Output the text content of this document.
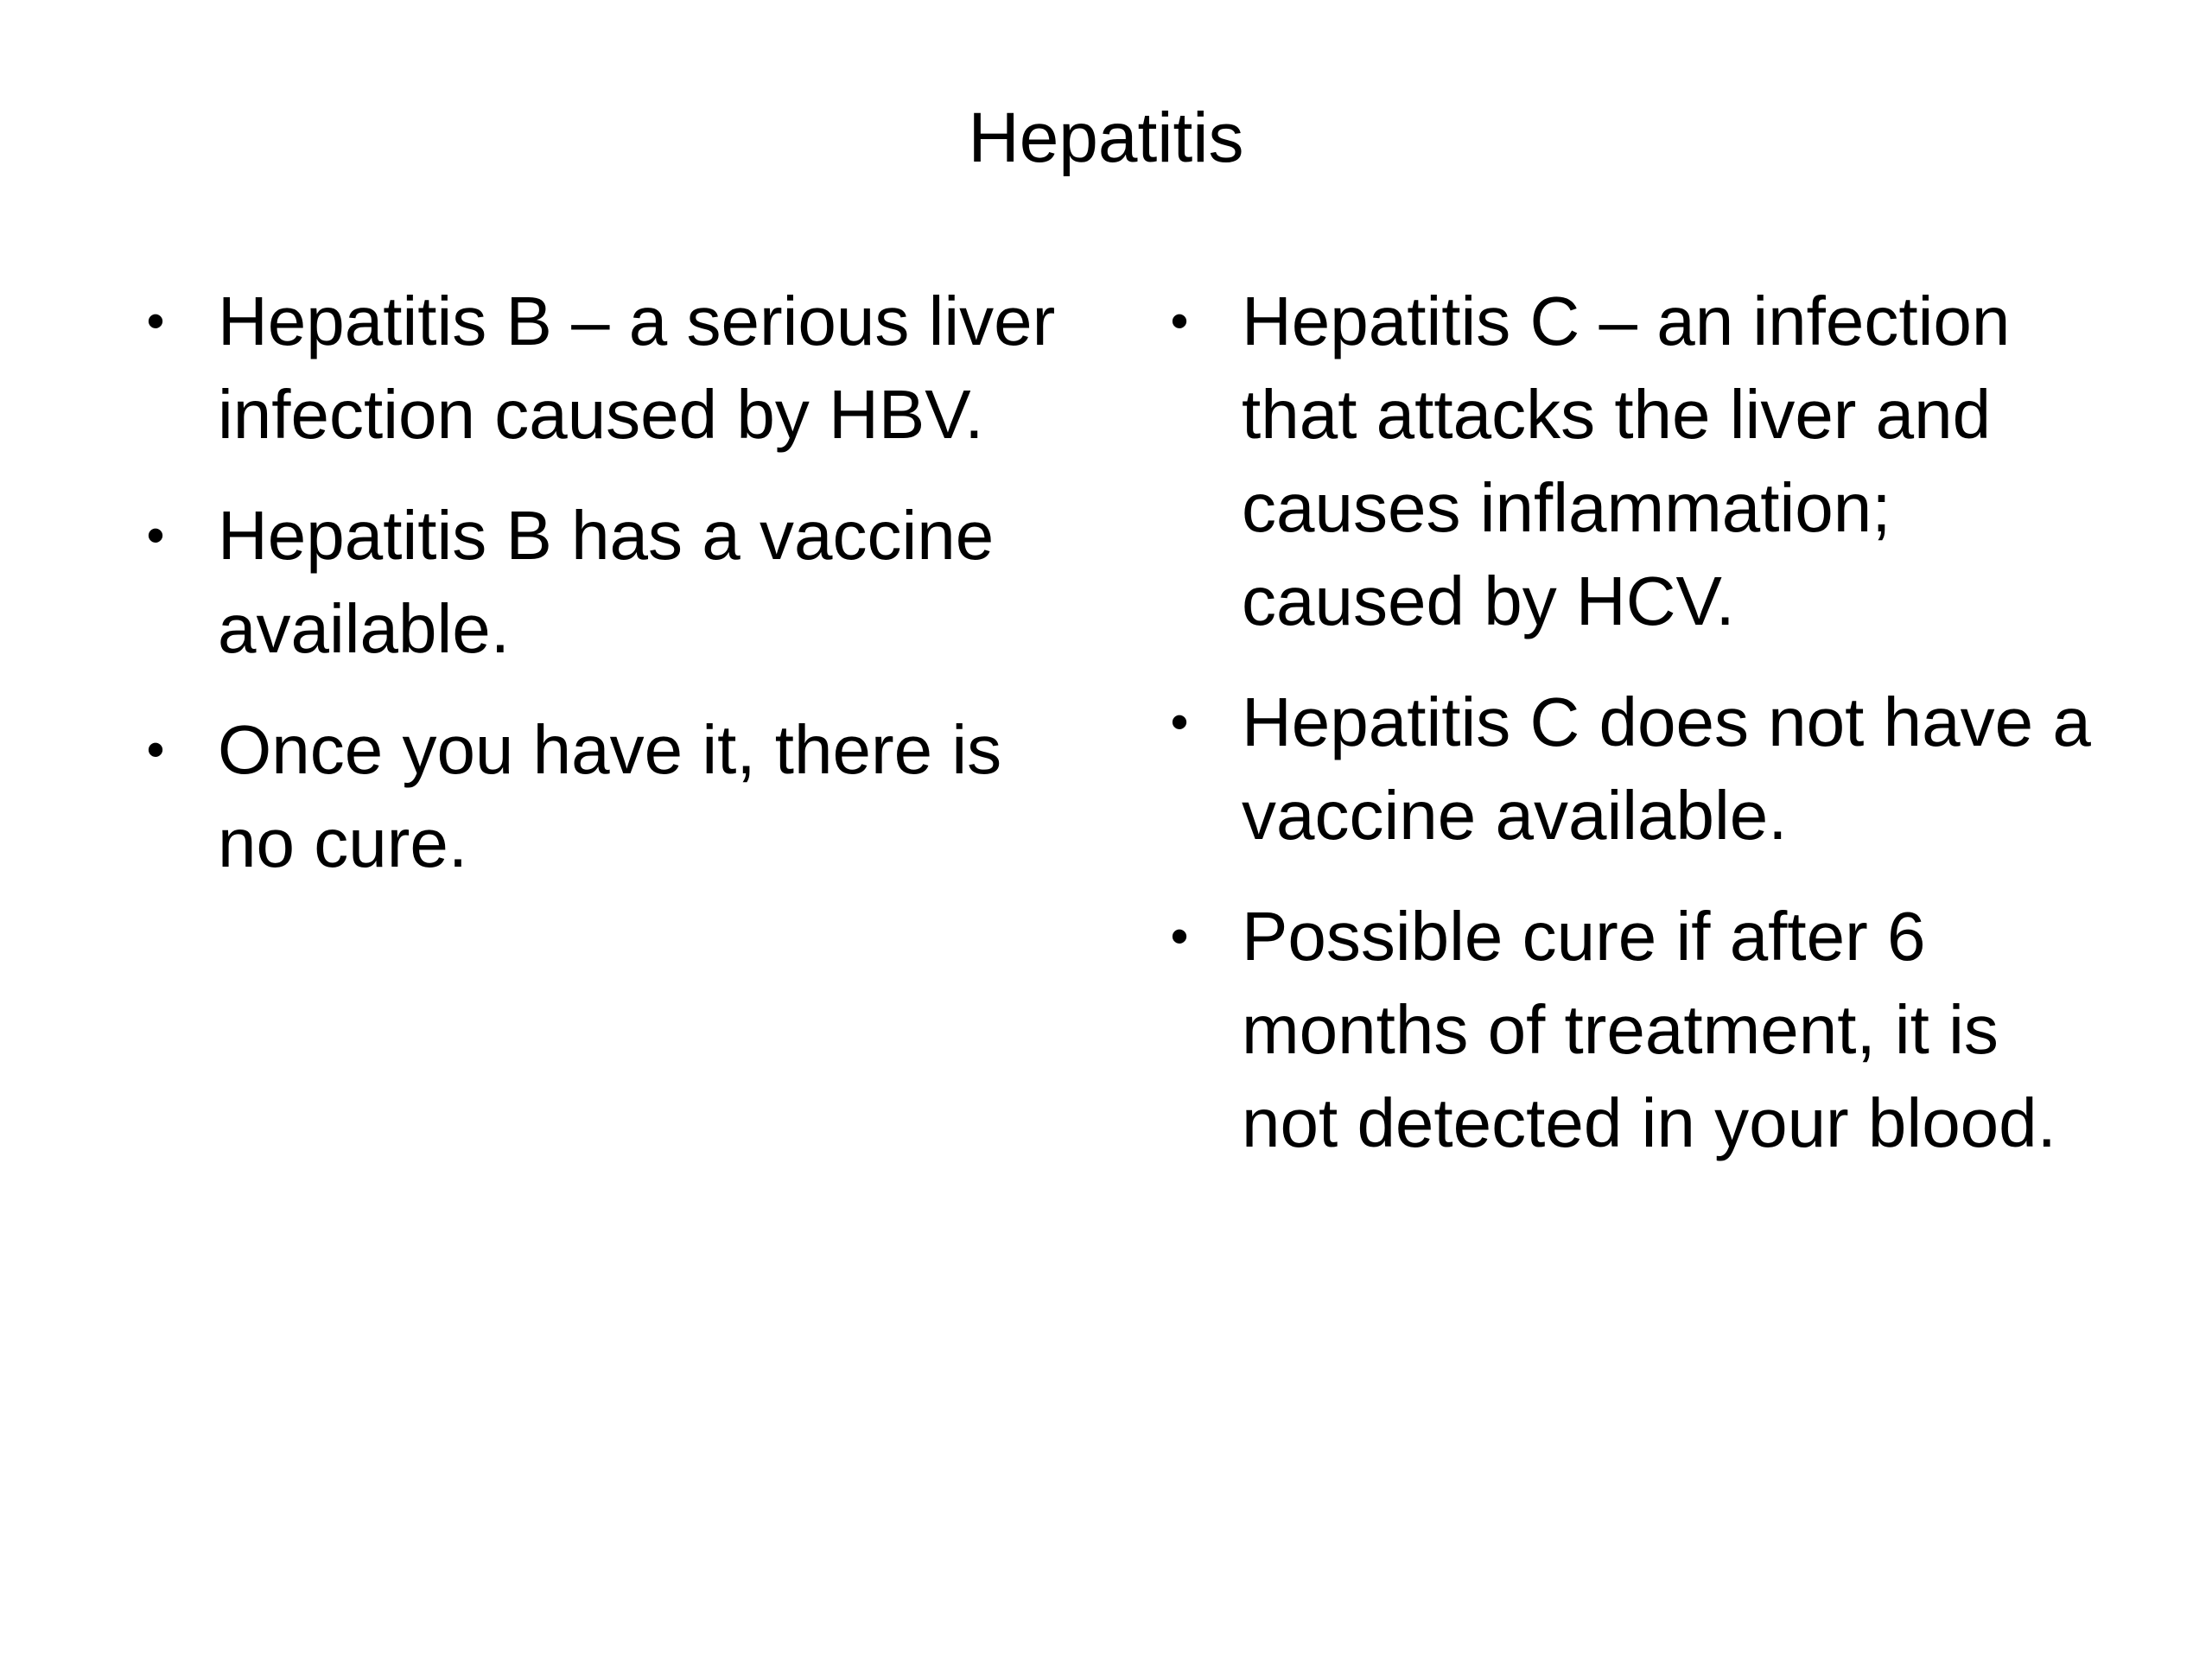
Hepatitis
• Hepatitis B – a serious liver infection caused by HBV.
• Hepatitis B has a vaccine available.
• Once you have it, there is no cure.
• Hepatitis C – an infection that attacks the liver and causes inflammation; caused by HCV.
• Hepatitis C does not have a vaccine available.
• Possible cure if after 6 months of treatment, it is not detected in your blood.
